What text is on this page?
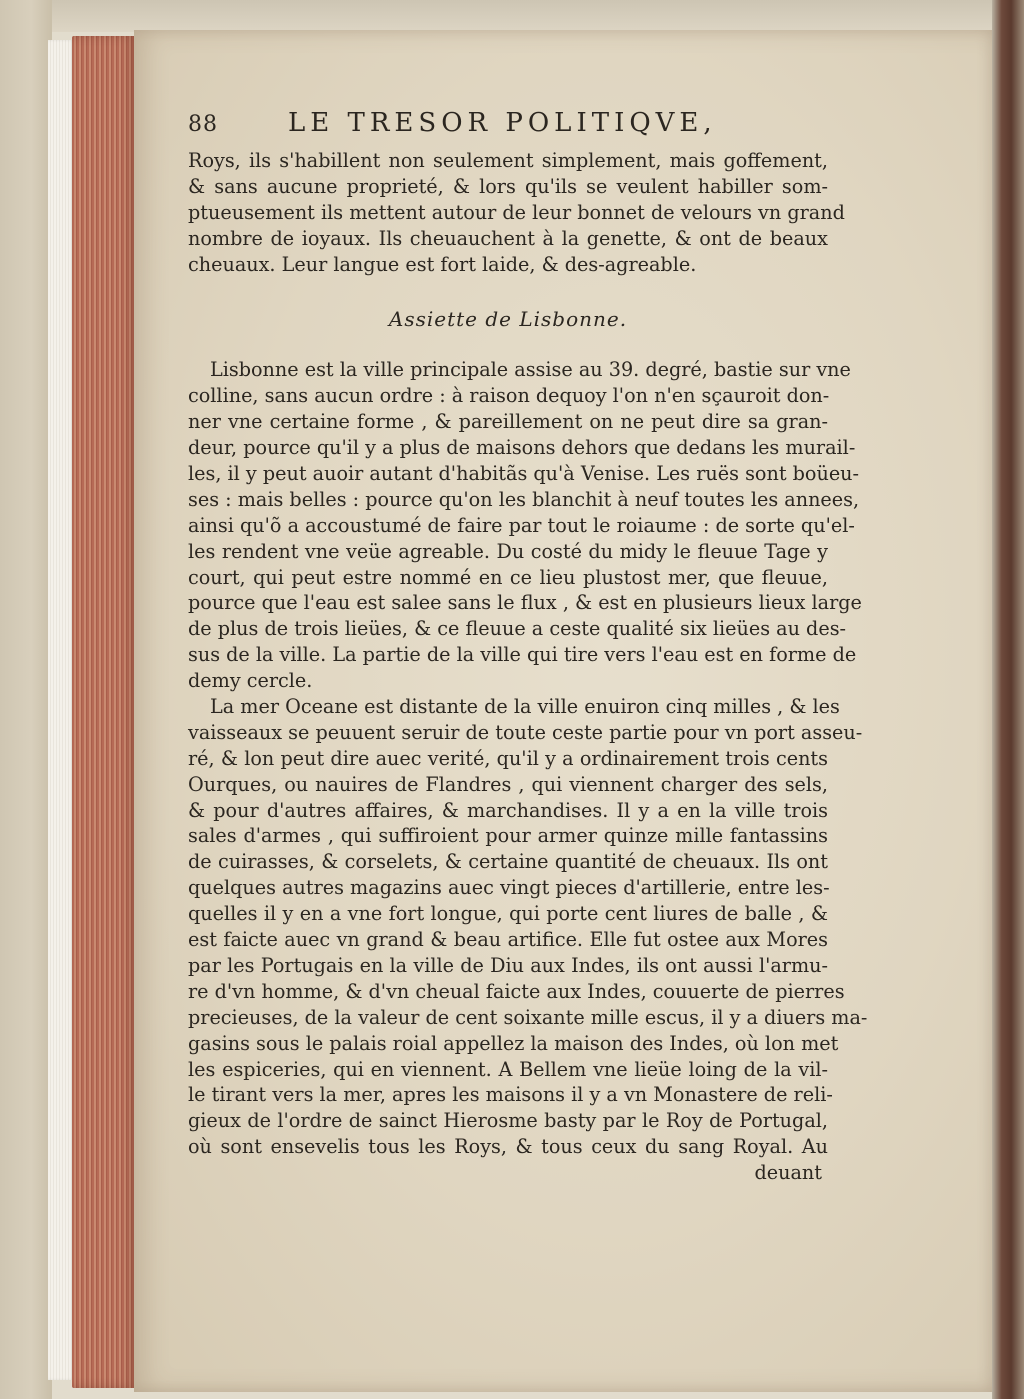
88	LE TRESOR POLITIQVE,
Roys, ils s'habillent non seulement simplement, mais goffement,
& sans aucune proprieté, & lors qu'ils se veulent habiller som-
ptueusement ils mettent autour de leur bonnet de velours vn grand
nombre de ioyaux. Ils cheuauchent à la genette, & ont de beaux
cheuaux. Leur langue est fort laide, & des-agreable.
Assiette de Lisbonne.
Lisbonne est la ville principale assise au 39. degré, bastie sur vne
colline, sans aucun ordre : à raison dequoy l'on n'en sçauroit don-
ner vne certaine forme , & pareillement on ne peut dire sa gran-
deur, pource qu'il y a plus de maisons dehors que dedans les murail-
les, il y peut auoir autant d'habitãs qu'à Venise. Les ruës sont boüeu-
ses : mais belles : pource qu'on les blanchit à neuf toutes les annees,
ainsi qu'õ a accoustumé de faire par tout le roiaume : de sorte qu'el-
les rendent vne veüe agreable. Du costé du midy le fleuue Tage y
court, qui peut estre nommé en ce lieu plustost mer, que fleuue,
pource que l'eau est salee sans le flux , & est en plusieurs lieux large
de plus de trois lieües, & ce fleuue a ceste qualité six lieües au des-
sus de la ville. La partie de la ville qui tire vers l'eau est en forme de
demy cercle.
La mer Oceane est distante de la ville enuiron cinq milles , & les
vaisseaux se peuuent seruir de toute ceste partie pour vn port asseu-
ré, & lon peut dire auec verité, qu'il y a ordinairement trois cents
Ourques, ou nauires de Flandres , qui viennent charger des sels,
& pour d'autres affaires, & marchandises. Il y a en la ville trois
sales d'armes , qui suffiroient pour armer quinze mille fantassins
de cuirasses, & corselets, & certaine quantité de cheuaux. Ils ont
quelques autres magazins auec vingt pieces d'artillerie, entre les-
quelles il y en a vne fort longue, qui porte cent liures de balle , &
est faicte auec vn grand & beau artifice. Elle fut ostee aux Mores
par les Portugais en la ville de Diu aux Indes, ils ont aussi l'armu-
re d'vn homme, & d'vn cheual faicte aux Indes, couuerte de pierres
precieuses, de la valeur de cent soixante mille escus, il y a diuers ma-
gasins sous le palais roial appellez la maison des Indes, où lon met
les espiceries, qui en viennent. A Bellem vne lieüe loing de la vil-
le tirant vers la mer, apres les maisons il y a vn Monastere de reli-
gieux de l'ordre de sainct Hierosme basty par le Roy de Portugal,
où sont ensevelis tous les Roys, & tous ceux du sang Royal. Au
deuant
